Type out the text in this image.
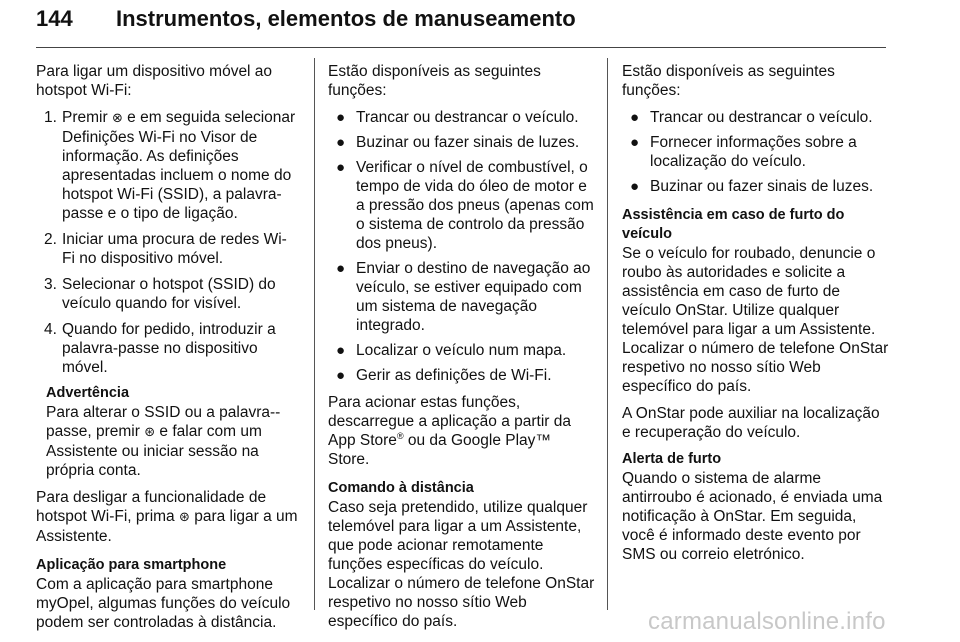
144 Instrumentos, elementos de manuseamento

Para ligar um dispositivo móvel ao hotspot Wi-Fi:

1. Premir ⊗ e em seguida selecionar Definições Wi-Fi no Visor de informação. As definições apresentadas incluem o nome do hotspot Wi-Fi (SSID), a palavra-passe e o tipo de ligação.
2. Iniciar uma procura de redes Wi-Fi no dispositivo móvel.
3. Selecionar o hotspot (SSID) do veículo quando for visível.
4. Quando for pedido, introduzir a palavra-passe no dispositivo móvel.
Advertência
Para alterar o SSID ou a palavra--passe, premir ⊛ e falar com um Assistente ou iniciar sessão na própria conta.

Para desligar a funcionalidade de hotspot Wi-Fi, prima ⊛ para ligar a um Assistente.

Aplicação para smartphone

Com a aplicação para smartphone myOpel, algumas funções do veículo podem ser controladas à distância.

Estão disponíveis as seguintes funções:

● Trancar ou destrancar o veículo.
● Buzinar ou fazer sinais de luzes.
● Verificar o nível de combustível, o tempo de vida do óleo de motor e a pressão dos pneus (apenas com o sistema de controlo da pressão dos pneus).
● Enviar o destino de navegação ao veículo, se estiver equipado com um sistema de navegação integrado.
● Localizar o veículo num mapa.
● Gerir as definições de Wi-Fi.

Para acionar estas funções, descarregue a aplicação a partir da App Store® ou da Google Play™ Store.

Comando à distância

Caso seja pretendido, utilize qualquer telemóvel para ligar a um Assistente, que pode acionar remotamente funções específicas do veículo. Localizar o número de telefone OnStar respetivo no nosso sítio Web específico do país.

Estão disponíveis as seguintes funções:

● Trancar ou destrancar o veículo.
● Fornecer informações sobre a localização do veículo.
● Buzinar ou fazer sinais de luzes.
Assistência em caso de furto do veículo

Se o veículo for roubado, denuncie o roubo às autoridades e solicite a assistência em caso de furto de veículo OnStar. Utilize qualquer telemóvel para ligar a um Assistente. Localizar o número de telefone OnStar respetivo no nosso sítio Web específico do país.

A OnStar pode auxiliar na localização e recuperação do veículo.

Alerta de furto

Quando o sistema de alarme antirroubo é acionado, é enviada uma notificação à OnStar. Em seguida, você é informado deste evento por SMS ou correio eletrónico.

carmanualsonline.info
